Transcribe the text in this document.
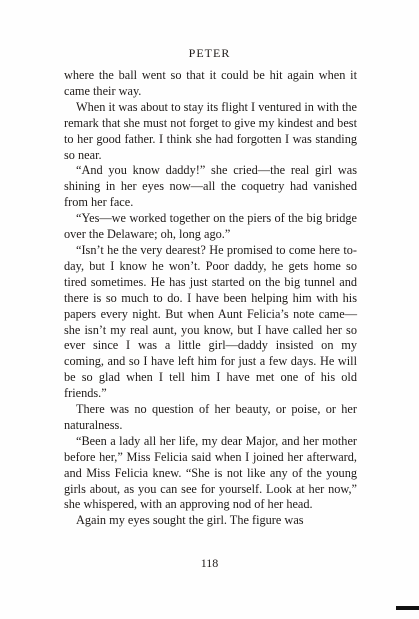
PETER

where the ball went so that it could be hit again when it came their way.

When it was about to stay its flight I ventured in with the remark that she must not forget to give my kindest and best to her good father. I think she had forgotten I was standing so near.

“And you know daddy!” she cried—the real girl was shining in her eyes now—all the coquetry had vanished from her face.

“Yes—we worked together on the piers of the big bridge over the Delaware; oh, long ago.”

“Isn’t he the very dearest? He promised to come here to-day, but I know he won’t. Poor daddy, he gets home so tired sometimes. He has just started on the big tunnel and there is so much to do. I have been helping him with his papers every night. But when Aunt Felicia’s note came—she isn’t my real aunt, you know, but I have called her so ever since I was a little girl—daddy insisted on my coming, and so I have left him for just a few days. He will be so glad when I tell him I have met one of his old friends.”

There was no question of her beauty, or poise, or her naturalness.

“Been a lady all her life, my dear Major, and her mother before her,” Miss Felicia said when I joined her afterward, and Miss Felicia knew. “She is not like any of the young girls about, as you can see for yourself. Look at her now,” she whispered, with an approving nod of her head.

Again my eyes sought the girl. The figure was

118
